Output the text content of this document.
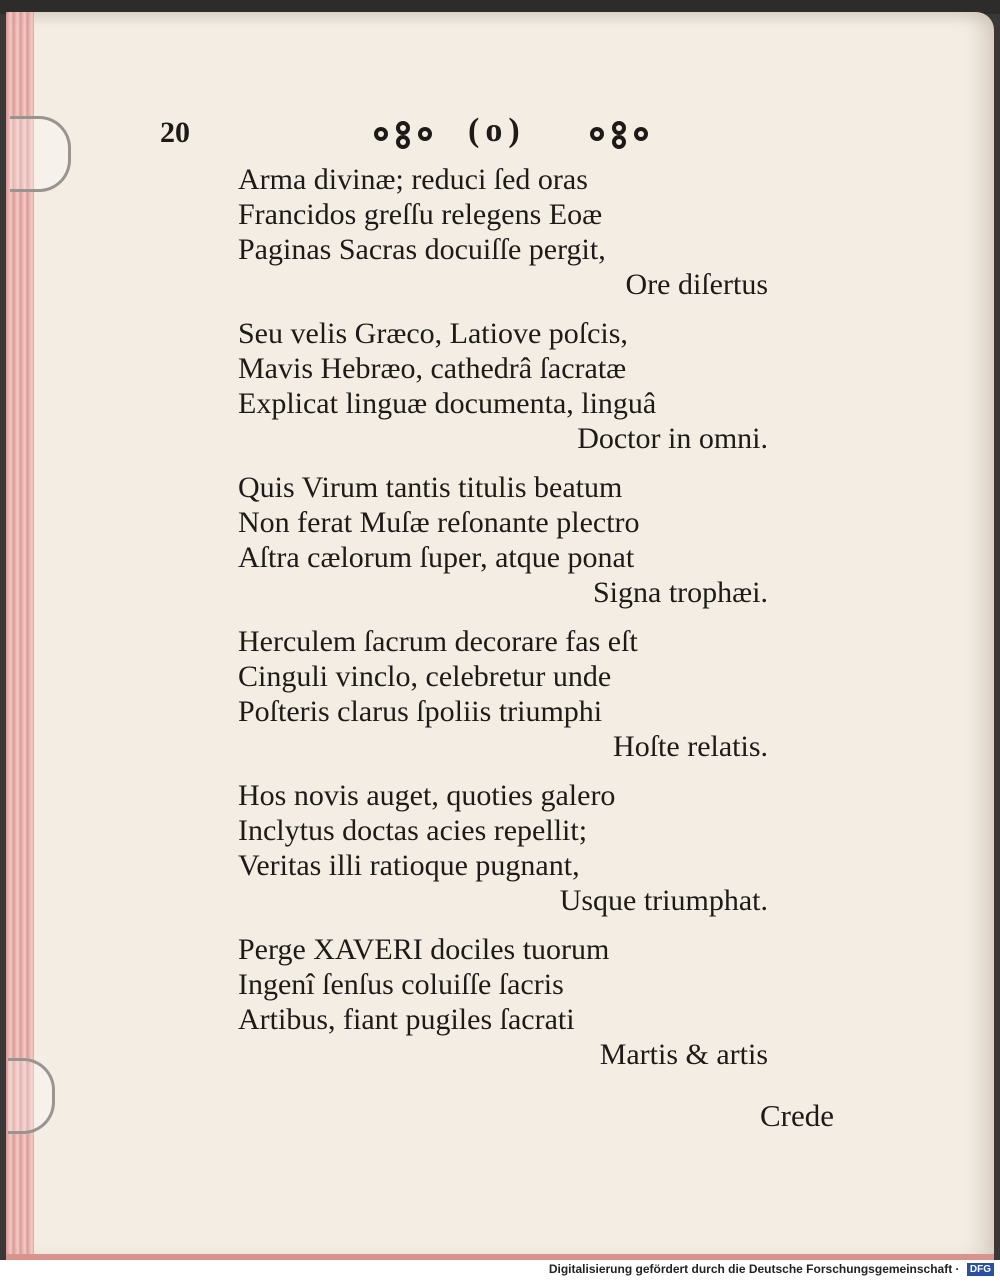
20	(o)
Arma divinæ; reduci ſed oras
Francidos greſſu relegens Eoæ
Paginas Sacras docuiſſe pergit,
Ore diſertus
Seu velis Græco, Latiove poſcis,
Mavis Hebræo, cathedrâ ſacratæ
Explicat linguæ documenta, linguâ
Doctor in omni.
Quis Virum tantis titulis beatum
Non ferat Muſæ reſonante plectro
Aſtra cælorum ſuper, atque ponat
Signa trophæi.
Herculem ſacrum decorare fas eſt
Cinguli vinclo, celebretur unde
Poſteris clarus ſpoliis triumphi
Hoſte relatis.
Hos novis auget, quoties galero
Inclytus doctas acies repellit;
Veritas illi ratioque pugnant,
Usque triumphat.
Perge XAVERI dociles tuorum
Ingenî ſenſus coluiſſe ſacris
Artibus, fiant pugiles ſacrati
Martis & artis
Crede
Digitalisierung gefördert durch die Deutsche Forschungsgemeinschaft · DFG
